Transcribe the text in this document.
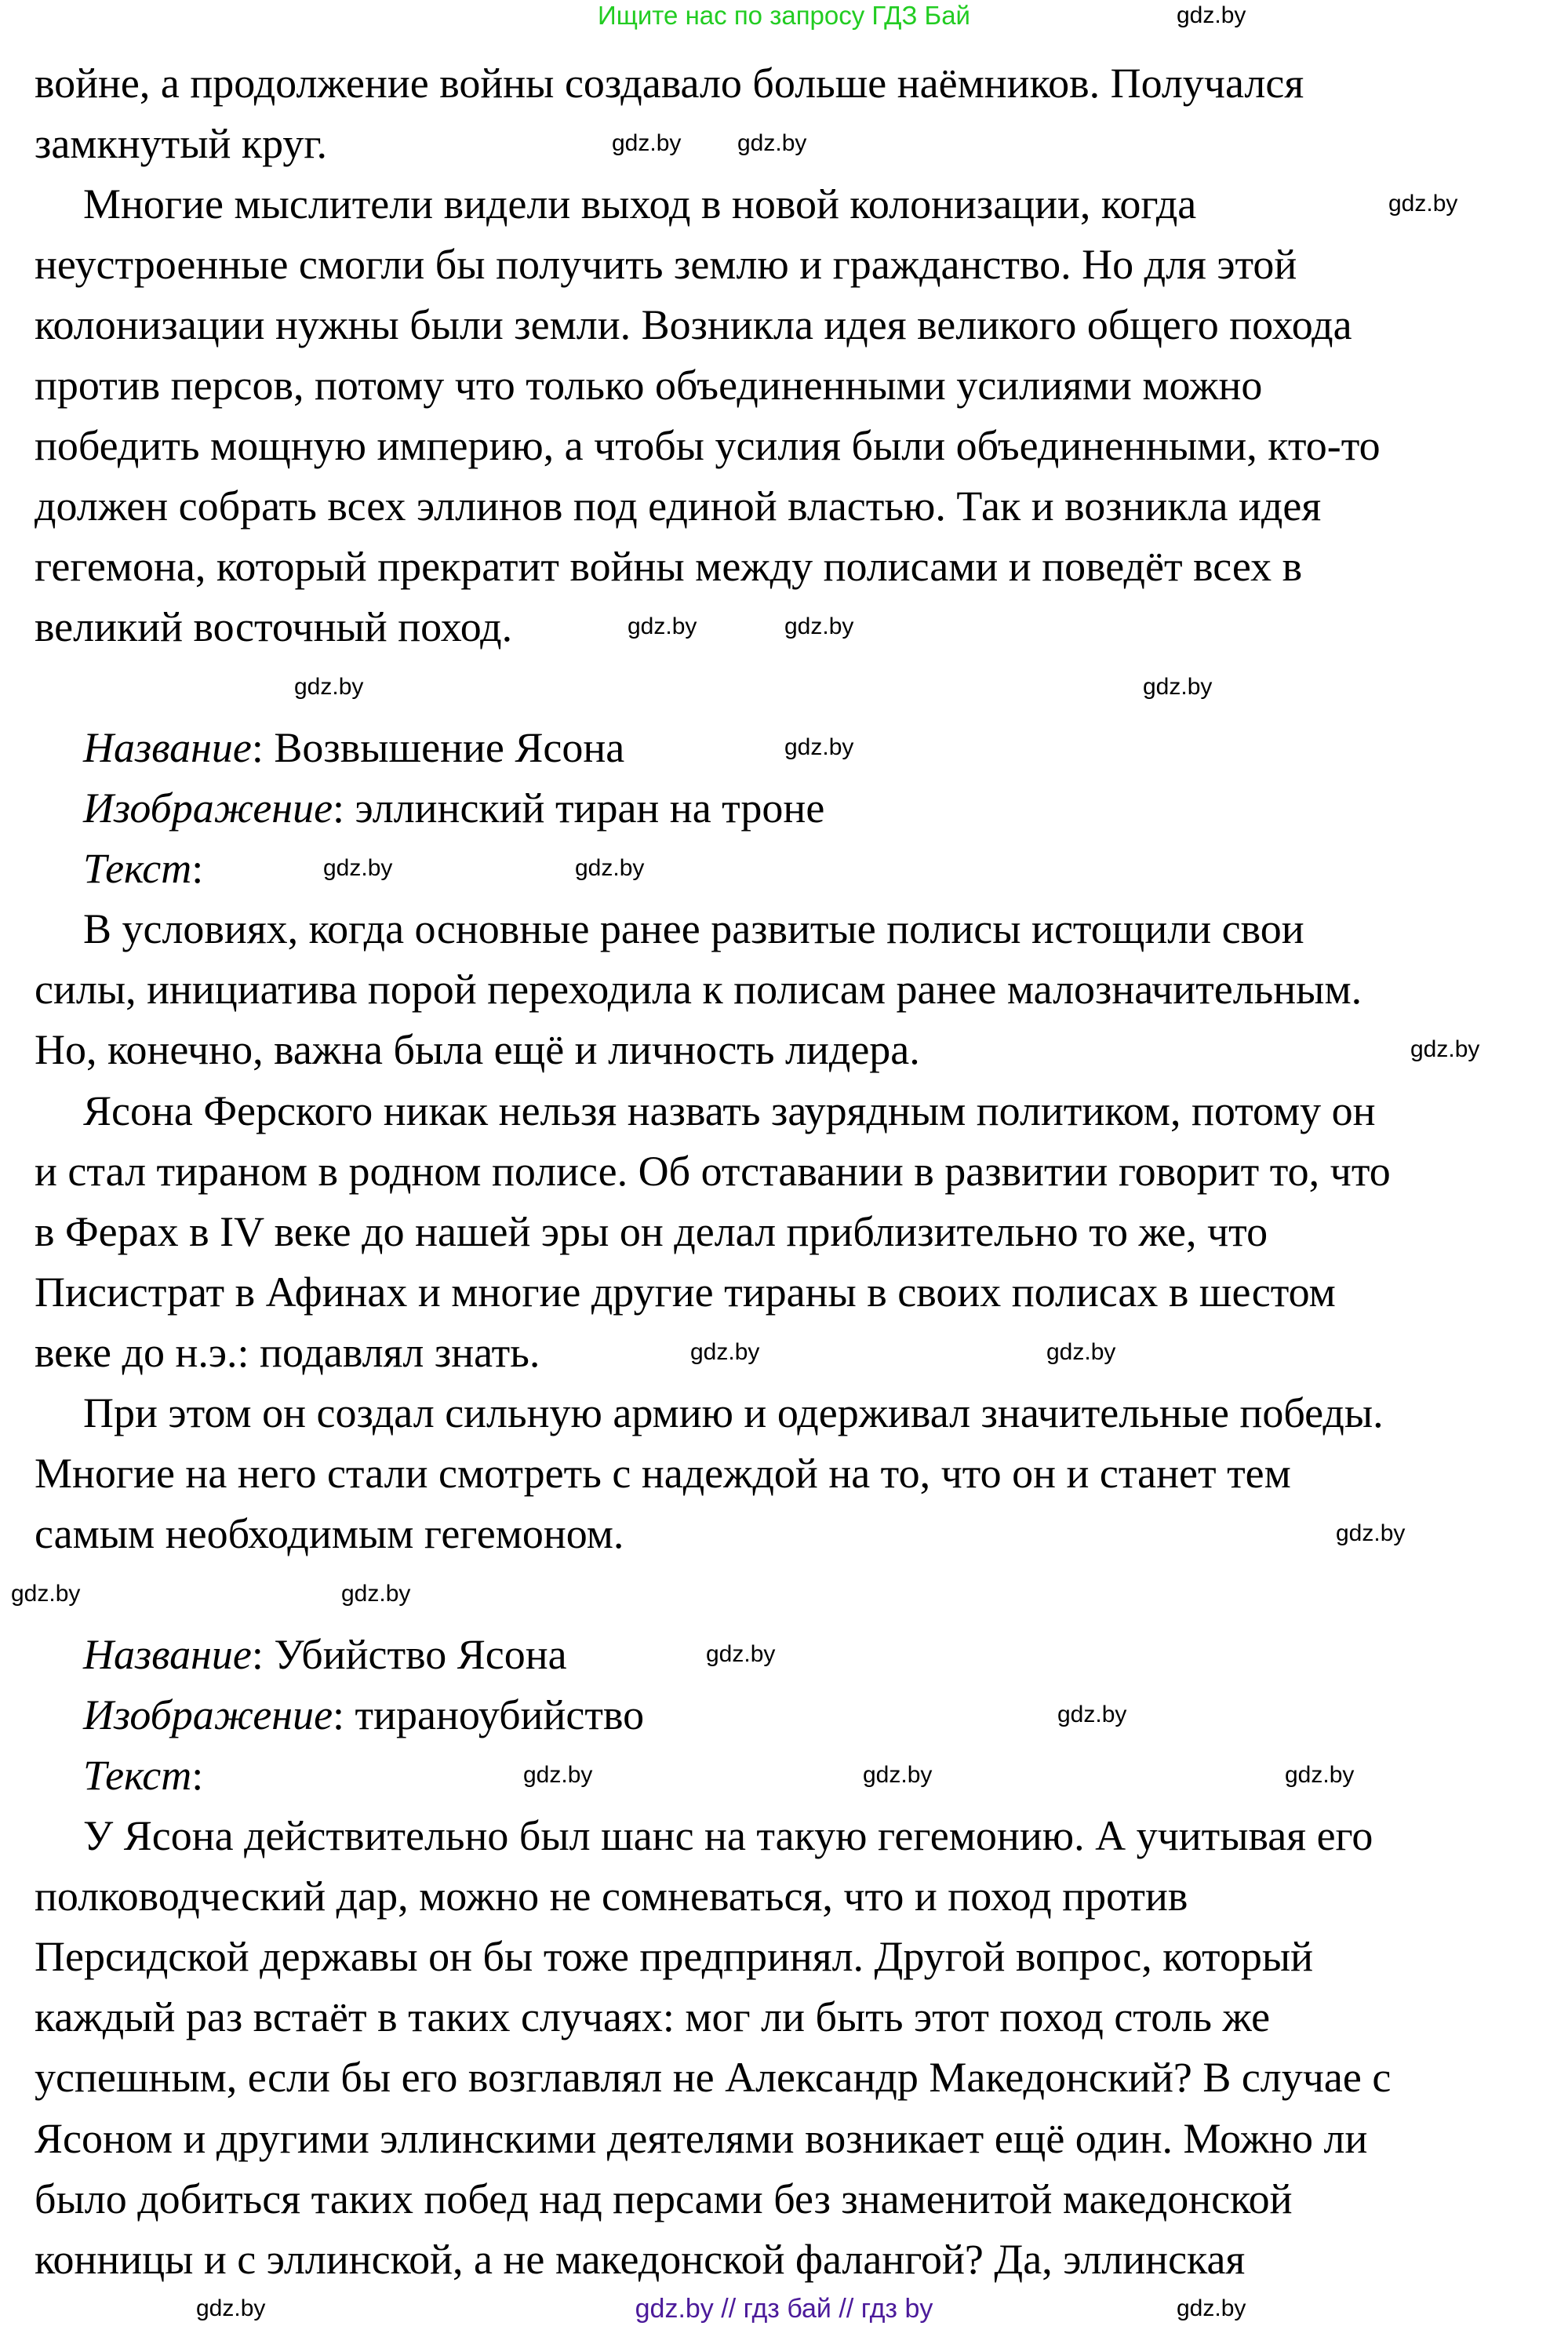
Ищите нас по запросу ГДЗ Бай
войне, а продолжение войны создавало больше наёмников. Получался
замкнутый круг.
Многие мыслители видели выход в новой колонизации, когда
неустроенные смогли бы получить землю и гражданство. Но для этой
колонизации нужны были земли. Возникла идея великого общего похода
против персов, потому что только объединенными усилиями можно
победить мощную империю, а чтобы усилия были объединенными, кто-то
должен собрать всех эллинов под единой властью. Так и возникла идея
гегемона, который прекратит войны между полисами и поведёт всех в
великий восточный поход.
Название: Возвышение Ясона
Изображение: эллинский тиран на троне
Текст:
В условиях, когда основные ранее развитые полисы истощили свои
силы, инициатива порой переходила к полисам ранее малозначительным.
Но, конечно, важна была ещё и личность лидера.
Ясона Ферского никак нельзя назвать заурядным политиком, потому он
и стал тираном в родном полисе. Об отставании в развитии говорит то, что
в Ферах в IV веке до нашей эры он делал приблизительно то же, что
Писистрат в Афинах и многие другие тираны в своих полисах в шестом
веке до н.э.: подавлял знать.
При этом он создал сильную армию и одерживал значительные победы.
Многие на него стали смотреть с надеждой на то, что он и станет тем
самым необходимым гегемоном.
Название: Убийство Ясона
Изображение: тираноубийство
Текст:
У Ясона действительно был шанс на такую гегемонию. А учитывая его
полководческий дар, можно не сомневаться, что и поход против
Персидской державы он бы тоже предпринял. Другой вопрос, который
каждый раз встаёт в таких случаях: мог ли быть этот поход столь же
успешным, если бы его возглавлял не Александр Македонский? В случае с
Ясоном и другими эллинскими деятелями возникает ещё один. Можно ли
было добиться таких побед над персами без знаменитой македонской
конницы и с эллинской, а не македонской фалангой? Да, эллинская
gdz.by gdz.by
gdz.by
gdz.by
gdz.by
gdz.by
gdz.by
gdz.by
gdz.by
gdz.by	gdz.by
gdz.by
gdz.by
gdz.by
gdz.by
gdz.by	gdz.by
gdz.by
gdz.by
gdz.by
gdz.by	gdz.by
gdz.by
gdz.by	gdz.by // гдз бай // гдз by
